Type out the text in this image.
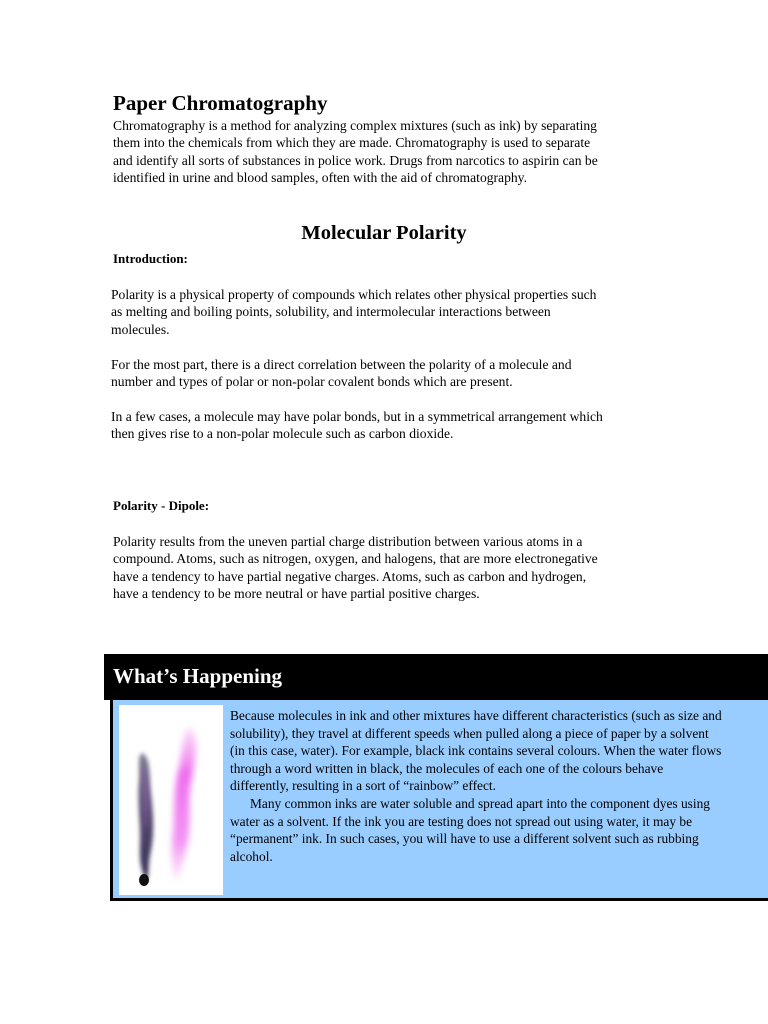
Paper Chromatography
Chromatography is a method for analyzing complex mixtures (such as ink) by separating
them into the chemicals from which they are made. Chromatography is used to separate
and identify all sorts of substances in police work. Drugs from narcotics to aspirin can be
identified in urine and blood samples, often with the aid of chromatography.
Molecular Polarity
Introduction:
Polarity is a physical property of compounds which relates other physical properties such
as melting and boiling points, solubility, and intermolecular interactions between
molecules.
For the most part, there is a direct correlation between the polarity of a molecule and
number and types of polar or non-polar covalent bonds which are present.
In a few cases, a molecule may have polar bonds, but in a symmetrical arrangement which
then gives rise to a non-polar molecule such as carbon dioxide.
Polarity - Dipole:
Polarity results from the uneven partial charge distribution between various atoms in a
compound. Atoms, such as nitrogen, oxygen, and halogens, that are more electronegative
have a tendency to have partial negative charges. Atoms, such as carbon and hydrogen,
have a tendency to be more neutral or have partial positive charges.
What’s Happening
Because molecules in ink and other mixtures have different characteristics (such as size and
solubility), they travel at different speeds when pulled along a piece of paper by a solvent
(in this case, water). For example, black ink contains several colours. When the water flows
through a word written in black, the molecules of each one of the colours behave
differently, resulting in a sort of “rainbow” effect.
Many common inks are water soluble and spread apart into the component dyes using
water as a solvent. If the ink you are testing does not spread out using water, it may be
“permanent” ink. In such cases, you will have to use a different solvent such as rubbing
alcohol.
